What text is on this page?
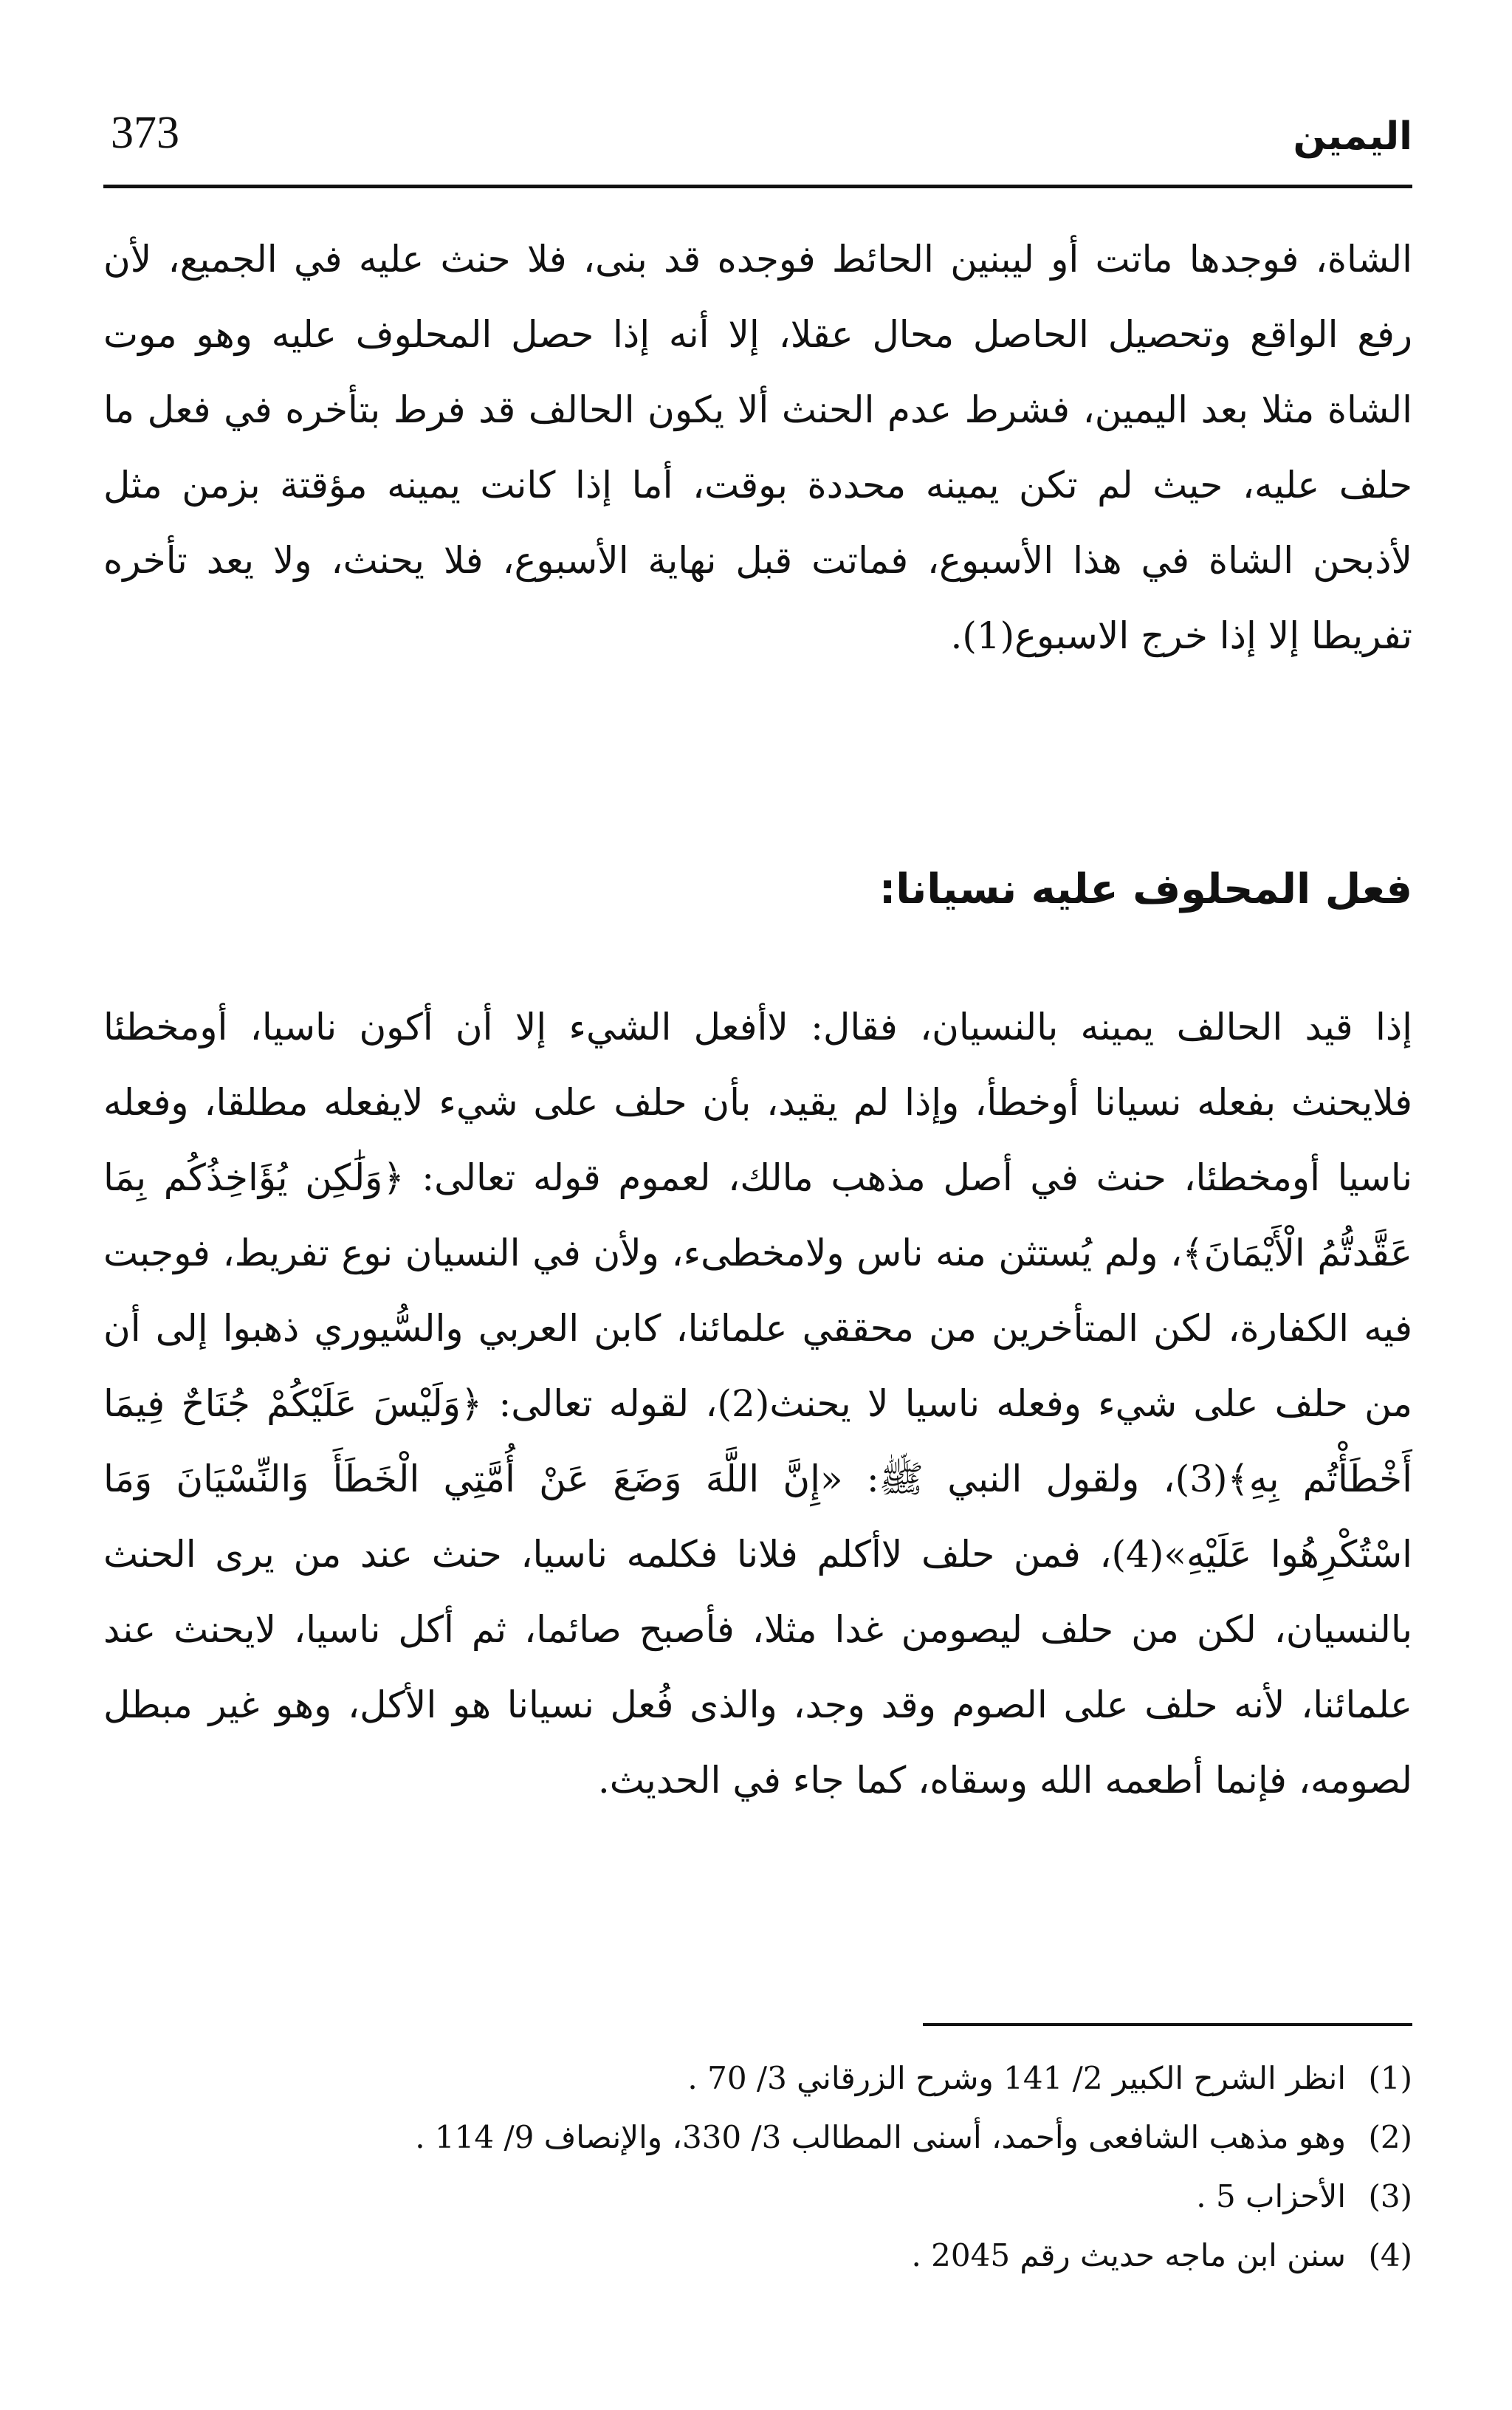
373	اليمين

الشاة، فوجدها ماتت أو ليبنين الحائط فوجده قد بنى، فلا حنث عليه في الجميع، لأن رفع الواقع وتحصيل الحاصل محال عقلا، إلا أنه إذا حصل المحلوف عليه وهو موت الشاة مثلا بعد اليمين، فشرط عدم الحنث ألا يكون الحالف قد فرط بتأخره في فعل ما حلف عليه، حيث لم تكن يمينه محددة بوقت، أما إذا كانت يمينه مؤقتة بزمن مثل لأذبحن الشاة في هذا الأسبوع، فماتت قبل نهاية الأسبوع، فلا يحنث، ولا يعد تأخره تفريطا إلا إذا خرج الاسبوع(1).

فعل المحلوف عليه نسيانا:

إذا قيد الحالف يمينه بالنسيان، فقال: لاأفعل الشيء إلا أن أكون ناسيا، أومخطئا فلايحنث بفعله نسيانا أوخطأ، وإذا لم يقيد، بأن حلف على شيء لايفعله مطلقا، وفعله ناسيا أومخطئا، حنث في أصل مذهب مالك، لعموم قوله تعالى: ﴿وَلَٰكِن يُؤَاخِذُكُم بِمَا عَقَّدتُّمُ الْأَيْمَانَ﴾، ولم يُستثن منه ناس ولامخطىء، ولأن في النسيان نوع تفريط، فوجبت فيه الكفارة، لكن المتأخرين من محققي علمائنا، كابن العربي والسُّيوري ذهبوا إلى أن من حلف على شيء وفعله ناسيا لا يحنث(2)، لقوله تعالى: ﴿وَلَيْسَ عَلَيْكُمْ جُنَاحٌ فِيمَا أَخْطَأْتُم بِهِ﴾(3)، ولقول النبي ﷺ: «إِنَّ اللَّهَ وَضَعَ عَنْ أُمَّتِي الْخَطَأَ وَالنِّسْيَانَ وَمَا اسْتُكْرِهُوا عَلَيْهِ»(4)، فمن حلف لاأكلم فلانا فكلمه ناسيا، حنث عند من يرى الحنث بالنسيان، لكن من حلف ليصومن غدا مثلا، فأصبح صائما، ثم أكل ناسيا، لايحنث عند علمائنا، لأنه حلف على الصوم وقد وجد، والذى فُعل نسيانا هو الأكل، وهو غير مبطل لصومه، فإنما أطعمه الله وسقاه، كما جاء في الحديث.

(1)انظر الشرح الكبير 2/ 141 وشرح الزرقاني 3/ 70 .
(2)وهو مذهب الشافعى وأحمد، أسنى المطالب 3/ 330، والإنصاف 9/ 114 .
(3)الأحزاب 5 .
(4)سنن ابن ماجه حديث رقم 2045 .
